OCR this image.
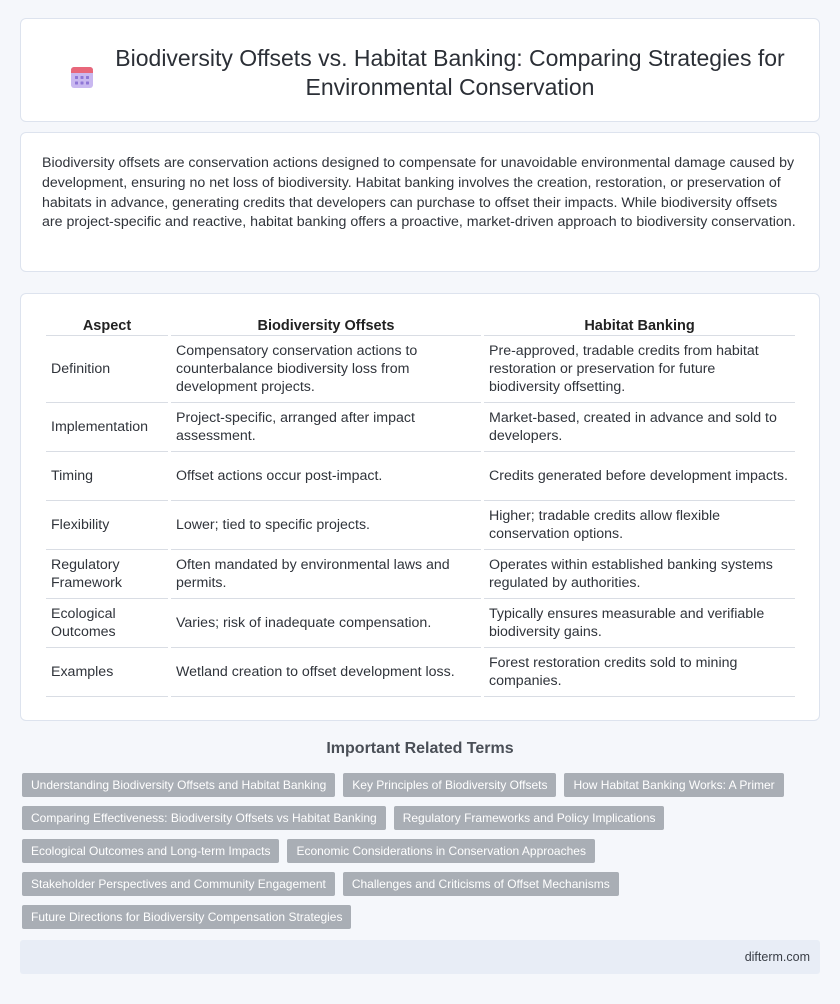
Biodiversity Offsets vs. Habitat Banking: Comparing Strategies for Environmental Conservation

Biodiversity offsets are conservation actions designed to compensate for unavoidable environmental damage caused by development, ensuring no net loss of biodiversity. Habitat banking involves the creation, restoration, or preservation of habitats in advance, generating credits that developers can purchase to offset their impacts. While biodiversity offsets are project-specific and reactive, habitat banking offers a proactive, market-driven approach to biodiversity conservation.

Aspect	Biodiversity Offsets	Habitat Banking
Definition	Compensatory conservation actions to counterbalance biodiversity loss from development projects.	Pre-approved, tradable credits from habitat restoration or preservation for future biodiversity offsetting.
Implementation	Project-specific, arranged after impact assessment.	Market-based, created in advance and sold to developers.
Timing	Offset actions occur post-impact.	Credits generated before development impacts.
Flexibility	Lower; tied to specific projects.	Higher; tradable credits allow flexible conservation options.
Regulatory Framework	Often mandated by environmental laws and permits.	Operates within established banking systems regulated by authorities.
Ecological Outcomes	Varies; risk of inadequate compensation.	Typically ensures measurable and verifiable biodiversity gains.
Examples	Wetland creation to offset development loss.	Forest restoration credits sold to mining companies.
Important Related Terms
Understanding Biodiversity Offsets and Habitat Banking	Key Principles of Biodiversity Offsets	How Habitat Banking Works: A Primer
Comparing Effectiveness: Biodiversity Offsets vs Habitat Banking	Regulatory Frameworks and Policy Implications
Ecological Outcomes and Long-term Impacts	Economic Considerations in Conservation Approaches
Stakeholder Perspectives and Community Engagement	Challenges and Criticisms of Offset Mechanisms
Future Directions for Biodiversity Compensation Strategies
difterm.com
